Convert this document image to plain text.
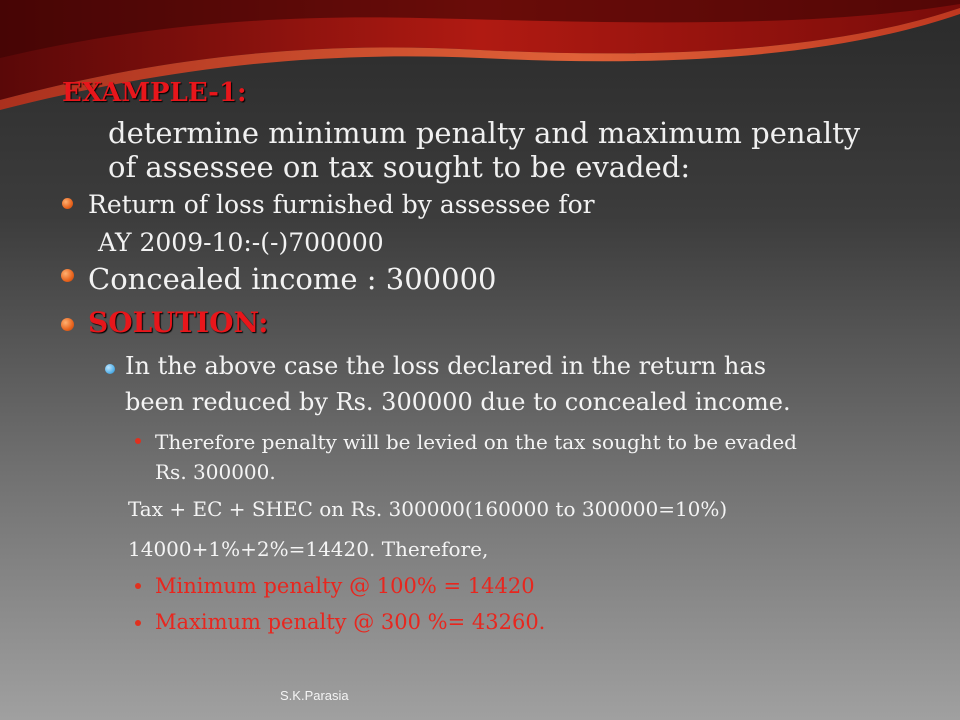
EXAMPLE-1:
determine minimum penalty and maximum penalty
of assessee on tax sought to be evaded:
Return of loss furnished by assessee for
AY 2009-10:-(-)700000
Concealed income : 300000
SOLUTION:
In the above case the loss declared in the return has
been reduced by Rs. 300000 due to concealed income.
Therefore penalty will be levied on the tax sought to be evaded
Rs. 300000.
Tax + EC + SHEC on Rs. 300000(160000 to 300000=10%)
14000+1%+2%=14420. Therefore,
Minimum penalty @ 100% = 14420
Maximum penalty @ 300 %= 43260.
S.K.Parasia
